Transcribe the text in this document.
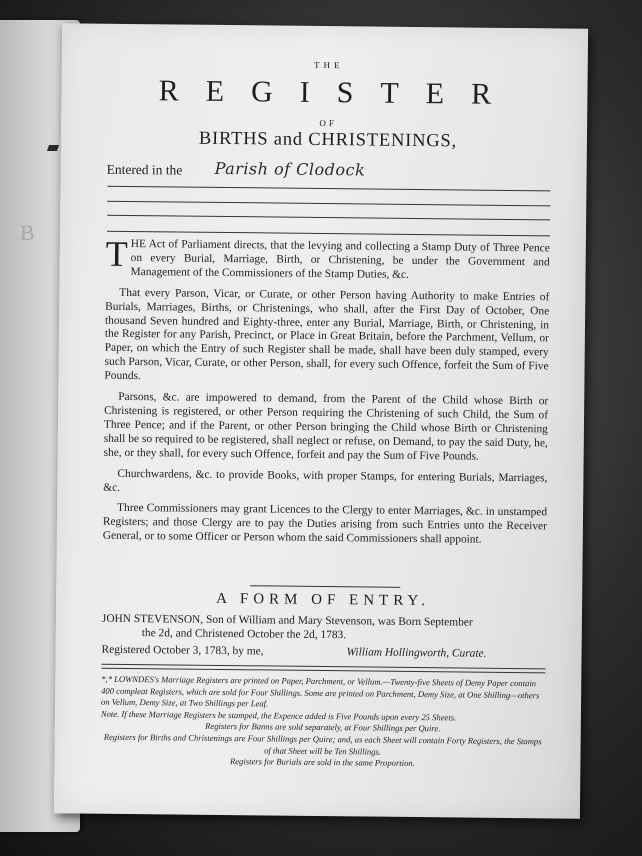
B
THE
REGISTER
OF
BIRTHS and CHRISTENINGS,
Entered in the Parish of Clodock

THE Act of Parliament directs, that the levying and collecting a Stamp Duty of Three Pence on every Burial, Marriage, Birth, or Christening, be under the Government and Management of the Commissioners of the Stamp Duties, &c.

That every Parson, Vicar, or Curate, or other Person having Authority to make Entries of Burials, Marriages, Births, or Christenings, who shall, after the First Day of October, One thousand Seven hundred and Eighty-three, enter any Burial, Marriage, Birth, or Christening, in the Register for any Parish, Precinct, or Place in Great Britain, before the Parchment, Vellum, or Paper, on which the Entry of such Register shall be made, shall have been duly stamped, every such Parson, Vicar, Curate, or other Person, shall, for every such Offence, forfeit the Sum of Five Pounds.

Parsons, &c. are impowered to demand, from the Parent of the Child whose Birth or Christening is registered, or other Person requiring the Christening of such Child, the Sum of Three Pence; and if the Parent, or other Person bringing the Child whose Birth or Christening shall be so required to be registered, shall neglect or refuse, on Demand, to pay the said Duty, he, she, or they shall, for every such Offence, forfeit and pay the Sum of Five Pounds.

Churchwardens, &c. to provide Books, with proper Stamps, for entering Burials, Marriages, &c.

Three Commissioners may grant Licences to the Clergy to enter Marriages, &c. in unstamped Registers; and those Clergy are to pay the Duties arising from such Entries unto the Receiver General, or to some Officer or Person whom the said Commissioners shall appoint.

A FORM OF ENTRY.
JOHN STEVENSON, Son of William and Mary Stevenson, was Born September
the 2d, and Christened October the 2d, 1783.
Registered October 3, 1783, by me,	William Hollingworth, Curate.

*,* LOWNDES's Marriage Registers are printed on Paper, Parchment, or Vellum.—Twenty-five Sheets of Demy Paper contain 400 compleat Registers, which are sold for Four Shillings. Some are printed on Parchment, Demy Size, at One Shilling—others on Vellum, Demy Size, at Two Shillings per Leaf.

Note. If these Marriage Registers be stamped, the Expence added is Five Pounds upon every 25 Sheets.

Registers for Banns are sold separately, at Four Shillings per Quire.

Registers for Births and Christenings are Four Shillings per Quire; and, as each Sheet will contain Forty Registers, the Stamps of that Sheet will be Ten Shillings.

Registers for Burials are sold in the same Proportion.
